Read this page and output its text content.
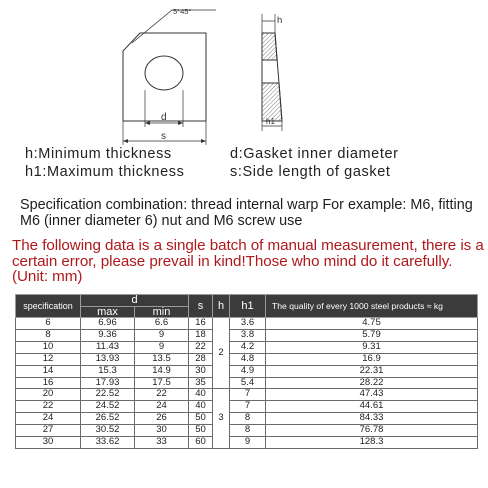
5*45°
d
s
h
h1
h:Minimum thickness
h1:Maximum thickness
d:Gasket inner diameter
s:Side length of gasket
Specification combination: thread internal warp For example: M6, fitting M6 (inner diameter 6) nut and M6 screw use
The following data is a single batch of manual measurement, there is a certain error, please prevail in kind!Those who mind do it carefully.(Unit: mm)
specification	d		s	h	h1	The quality of every 1000 steel products ≈ kg
	max	min				
6	6.96	6.6	16	2	3.6	4.75
8	9.36	9	18		3.8	5.79
10	11.43	9	22		4.2	9.31
12	13.93	13.5	28		4.8	16.9
14	15.3	14.9	30		4.9	22.31
16	17.93	17.5	35		5.4	28.22
20	22.52	22	40	3	7	47.43
22	24.52	24	40		7	44.61
24	26.52	26	50		8	84.33
27	30.52	30	50		8	76.78
30	33.62	33	60		9	128.3
